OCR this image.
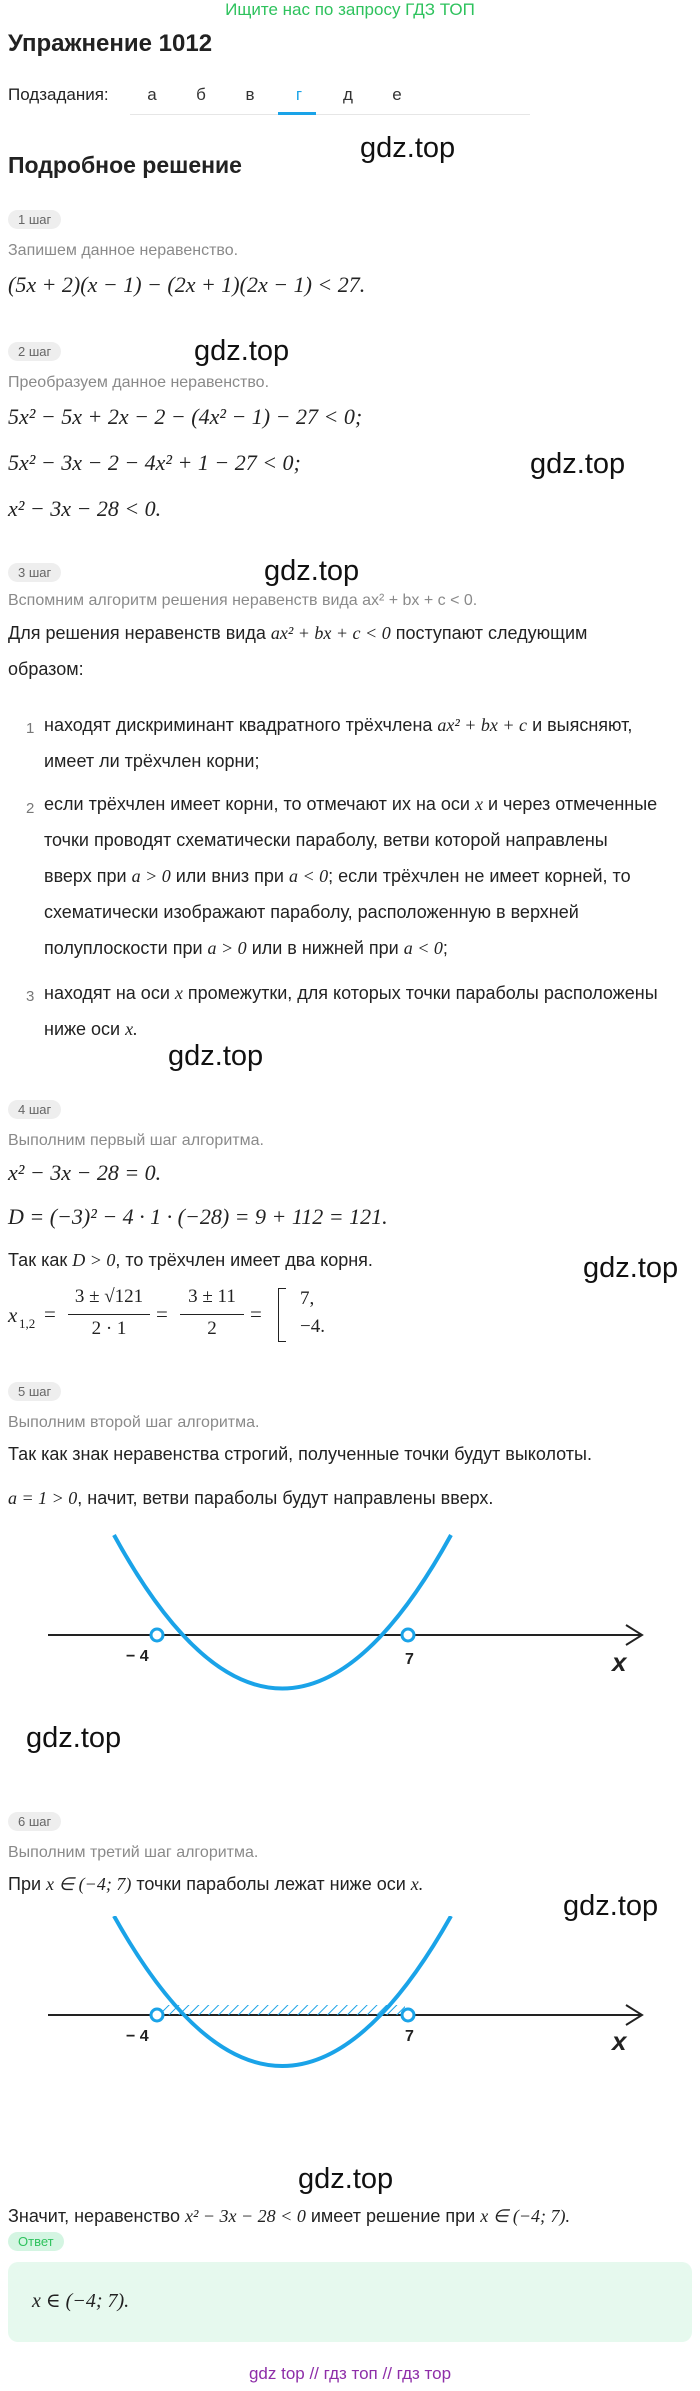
Ищите нас по запросу ГДЗ ТОП
Упражнение 1012
Подзадания:	а	б	в	г	д	е
Подробное решение
gdz.top
gdz.top
gdz.top
gdz.top
gdz.top
gdz.top
gdz.top
gdz.top
gdz.top
1 шаг
Запишем данное неравенство.
(5x + 2)(x − 1) − (2x + 1)(2x − 1) < 27.
2 шаг
Преобразуем данное неравенство.
5x² − 5x + 2x − 2 − (4x² − 1) − 27 < 0;
5x² − 3x − 2 − 4x² + 1 − 27 < 0;
x² − 3x − 28 < 0.
3 шаг
Вспомним алгоритм решения неравенств вида ax² + bx + c < 0.
Для решения неравенств вида ax² + bx + c < 0 поступают следующим
образом:
1 находят дискриминант квадратного трёхчлена ax² + bx + c и выясняют,
имеет ли трёхчлен корни;
2 если трёхчлен имеет корни, то отмечают их на оси x и через отмеченные
точки проводят схематически параболу, ветви которой направлены
вверх при a > 0 или вниз при a < 0; если трёхчлен не имеет корней, то
схематически изображают параболу, расположенную в верхней
полуплоскости при a > 0 или в нижней при a < 0;
3 находят на оси x промежутки, для которых точки параболы расположены
ниже оси x.
4 шаг
Выполним первый шаг алгоритма.
x² − 3x − 28 = 0.
D = (−3)² − 4 · 1 · (−28) = 9 + 112 = 121.
Так как D > 0, то трёхчлен имеет два корня.
x 1,2 =
3 ± √121
2 · 1
=
3 ± 11
2
=
7,
−4.
5 шаг
Выполним второй шаг алгоритма.
Так как знак неравенства строгий, полученные точки будут выколоты.
a = 1 > 0, начит, ветви параболы будут направлены вверх.
− 4	7	x
6 шаг
Выполним третий шаг алгоритма.
При x ∈ (−4; 7) точки параболы лежат ниже оси x.
− 4	7	x
Значит, неравенство x² − 3x − 28 < 0 имеет решение при x ∈ (−4; 7).
Ответ
x ∈ (−4; 7).
gdz top // гдз топ // гдз тор
